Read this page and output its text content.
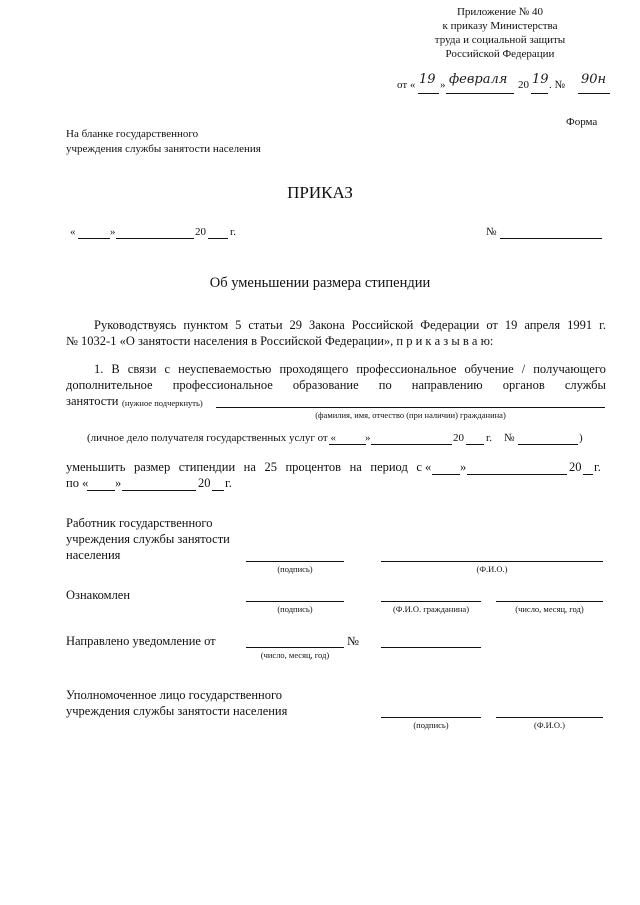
Приложение № 40
к приказу Министерства
труда и социальной защиты
Российской Федерации
от « 19 » февраля 20 19 . № 90н
Форма
На бланке государственного
учреждения службы занятости населения
ПРИКАЗ
«	»	20 г.	№
Об уменьшении размера стипендии
Руководствуясь пунктом 5 статьи 29 Закона Российской Федерации от 19 апреля 1991 г.
№ 1032-1 «О занятости населения в Российской Федерации», п р и к а з ы в а ю:
1. В связи с неуспеваемостью проходящего профессиональное обучение / получающего
дополнительное профессиональное образование по направлению органов службы
занятости (нужное подчеркнуть)
(фамилия, имя, отчество (при наличии) гражданина)
(личное дело получателя государственных услуг от «	»	20 г. №	)
уменьшить размер стипендии на 25 процентов на период с « »	20 г.
по « »	20 г.
Работник государственного
учреждения службы занятости
населения
(подпись)	(Ф.И.О.)
Ознакомлен
(подпись)	(Ф.И.О. гражданина)	(число, месяц, год)
Направлено уведомление от
(число, месяц, год)
№
Уполномоченное лицо государственного
учреждения службы занятости населения
(подпись)	(Ф.И.О.)
